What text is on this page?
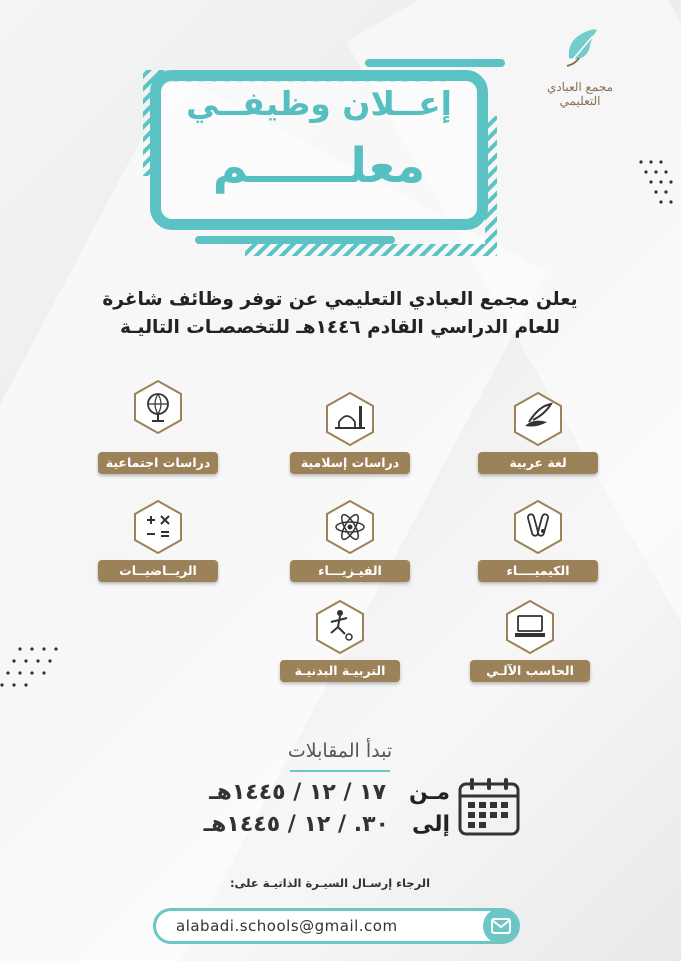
مجمع العبادي التعليمي
إعــلان وظيفــي
معلــــــم
يعلن مجمع العبادي التعليمي عن توفر وظائف شاغرة
للعام الدراسي القادم ١٤٤٦هـ للتخصصـات التاليـة
لغة عربية
دراسات إسلامية
دراسات اجتماعية
الكيميــــاء
الفيـزيـــاء
الريــاضيــات
الحاسب الآلـي
التربيـة البدنيـة
تبدأ المقابلات
مـن   ١٧ / ١٢ / ١٤٤٥هـ
إلى   ٣٠. / ١٢ / ١٤٤٥هـ
الرجاء إرسـال السيـرة الذاتيـة على:
alabadi.schools@gmail.com
